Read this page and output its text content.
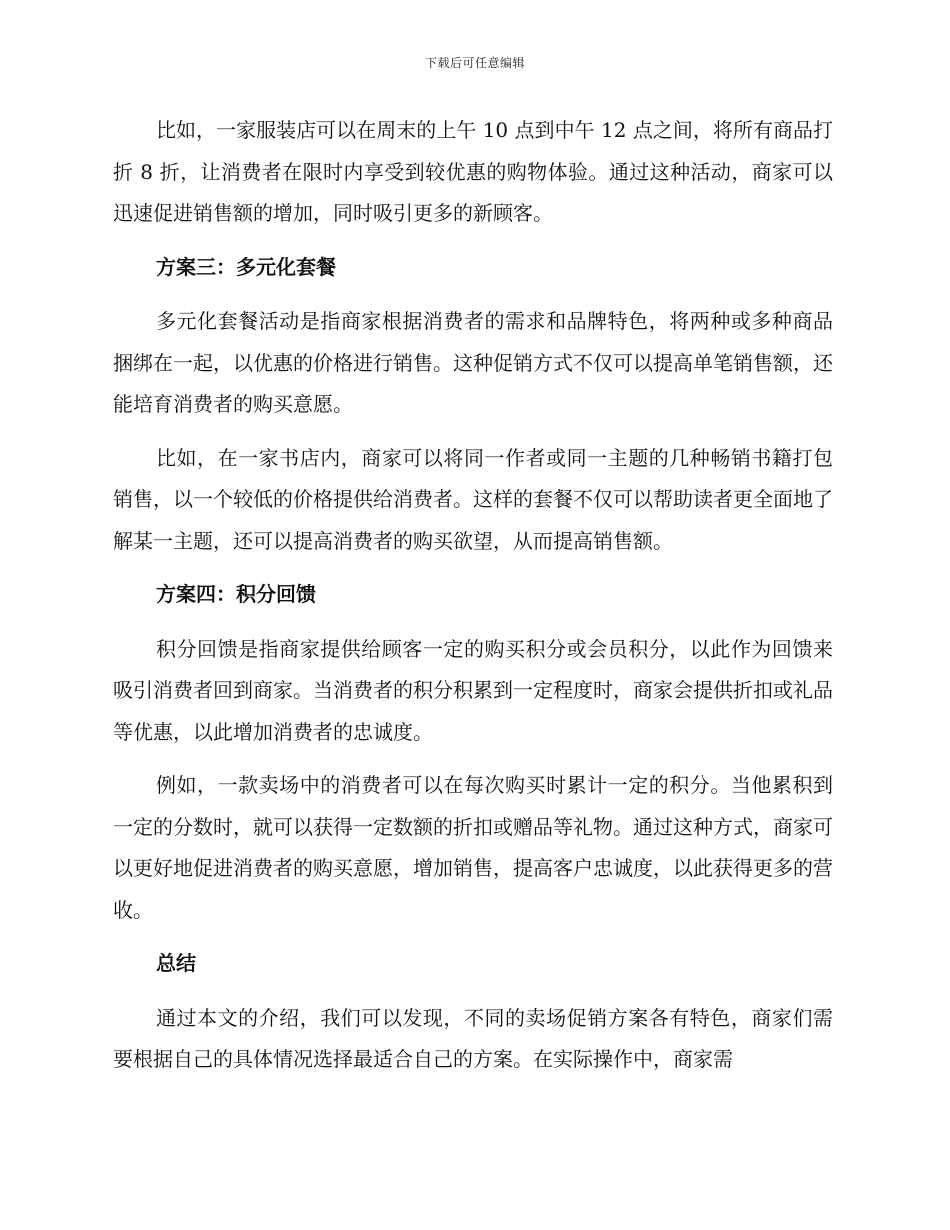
下载后可任意编辑

比如，一家服装店可以在周末的上午 10 点到中午 12 点之间，将所有商品打折 8 折，让消费者在限时内享受到较优惠的购物体验。通过这种活动，商家可以迅速促进销售额的增加，同时吸引更多的新顾客。

方案三：多元化套餐

多元化套餐活动是指商家根据消费者的需求和品牌特色，将两种或多种商品捆绑在一起，以优惠的价格进行销售。这种促销方式不仅可以提高单笔销售额，还能培育消费者的购买意愿。

比如，在一家书店内，商家可以将同一作者或同一主题的几种畅销书籍打包销售，以一个较低的价格提供给消费者。这样的套餐不仅可以帮助读者更全面地了解某一主题，还可以提高消费者的购买欲望，从而提高销售额。

方案四：积分回馈

积分回馈是指商家提供给顾客一定的购买积分或会员积分，以此作为回馈来吸引消费者回到商家。当消费者的积分积累到一定程度时，商家会提供折扣或礼品等优惠，以此增加消费者的忠诚度。

例如，一款卖场中的消费者可以在每次购买时累计一定的积分。当他累积到一定的分数时，就可以获得一定数额的折扣或赠品等礼物。通过这种方式，商家可以更好地促进消费者的购买意愿，增加销售，提高客户忠诚度，以此获得更多的营收。

总结

通过本文的介绍，我们可以发现，不同的卖场促销方案各有特色，商家们需要根据自己的具体情况选择最适合自己的方案。在实际操作中，商家需
